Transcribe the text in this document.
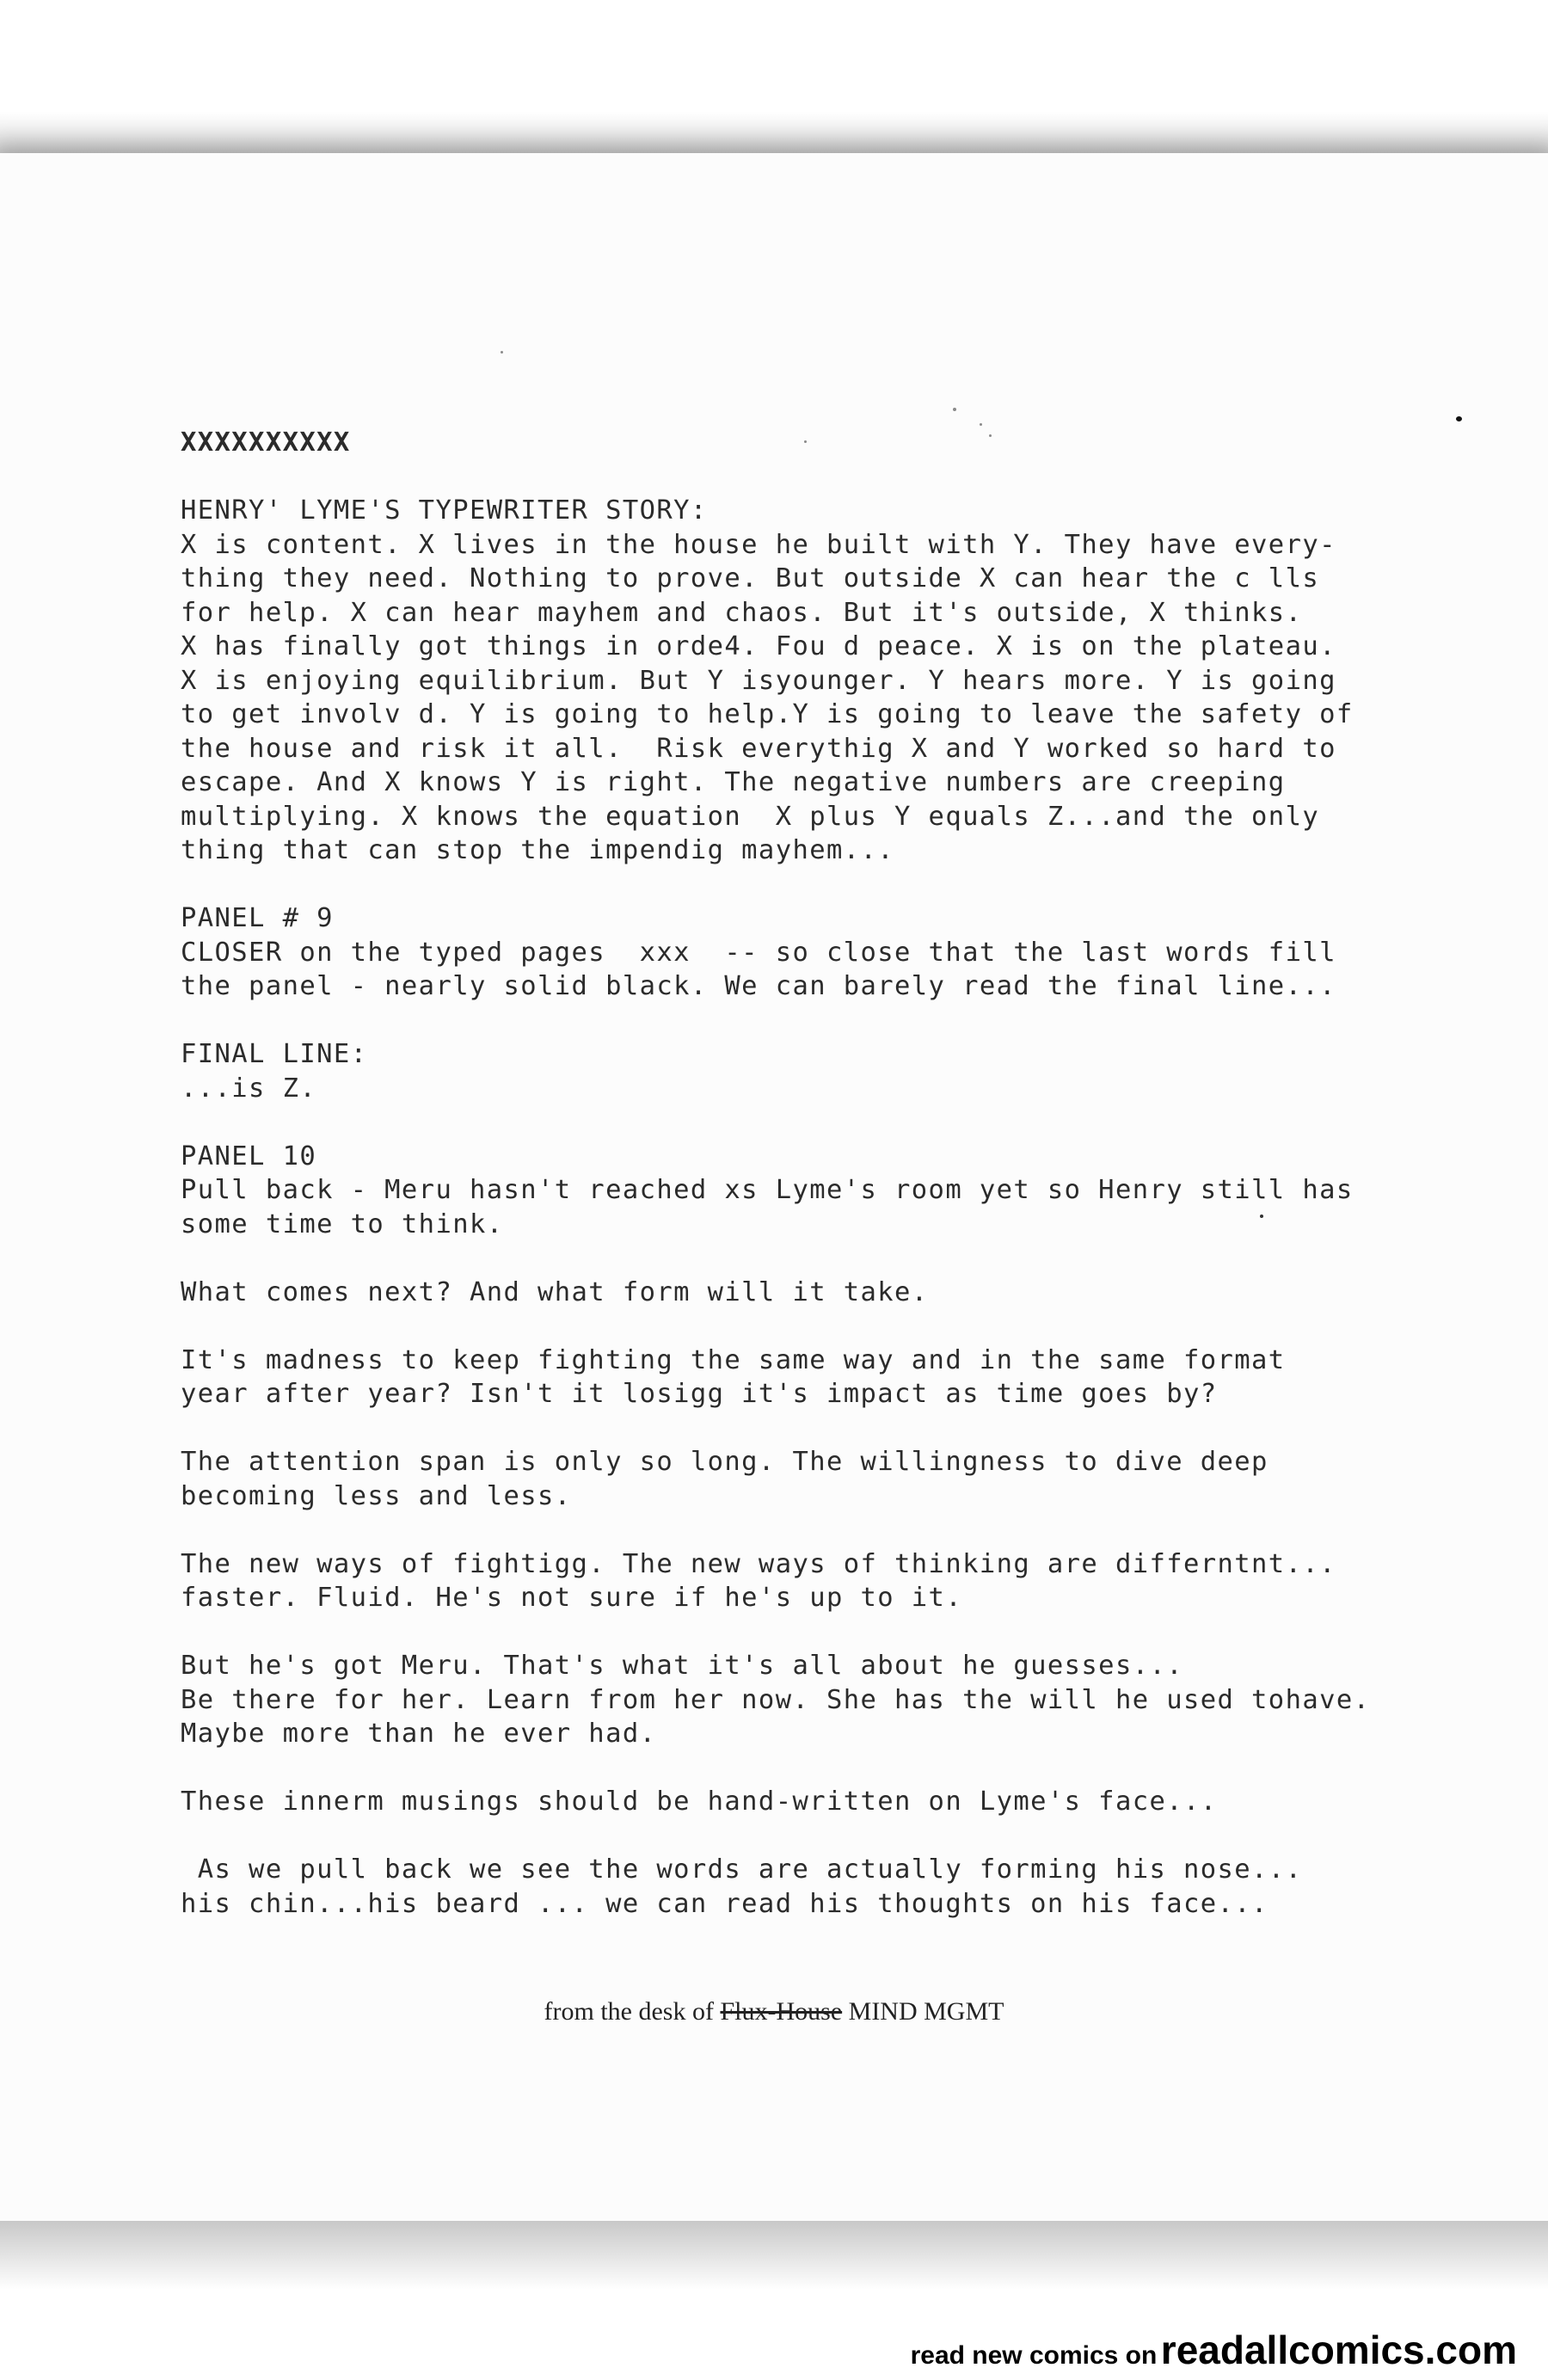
XXXXXXXXXX
HENRY' LYME'S TYPEWRITER STORY:
X is content. X lives in the house he built with Y. They have every-
thing they need. Nothing to prove. But outside X can hear the c lls
for help. X can hear mayhem and chaos. But it's outside, X thinks.
X has finally got things in orde4. Fou d peace. X is on the plateau.
X is enjoying equilibrium. But Y isyounger. Y hears more. Y is going
to get involv d. Y is going to help.Y is going to leave the safety of
the house and risk it all.  Risk everythig X and Y worked so hard to
escape. And X knows Y is right. The negative numbers are creeping
multiplying. X knows the equation  X plus Y equals Z...and the only
thing that can stop the impendig mayhem...
PANEL # 9
CLOSER on the typed pages  xxx  -- so close that the last words fill
the panel - nearly solid black. We can barely read the final line...
FINAL LINE:
...is Z.
PANEL 10
Pull back - Meru hasn't reached xs Lyme's room yet so Henry still has
some time to think.
What comes next? And what form will it take.
It's madness to keep fighting the same way and in the same format
year after year? Isn't it losigg it's impact as time goes by?
The attention span is only so long. The willingness to dive deep
becoming less and less.
The new ways of fightigg. The new ways of thinking are differntnt...
faster. Fluid. He's not sure if he's up to it.
But he's got Meru. That's what it's all about he guesses...
Be there for her. Learn from her now. She has the will he used tohave.
Maybe more than he ever had.
These innerm musings should be hand-written on Lyme's face...
As we pull back we see the words are actually forming his nose...
his chin...his beard ... we can read his thoughts on his face...
from the desk of Flux-House MIND MGMT
read new comics on readallcomics.com
